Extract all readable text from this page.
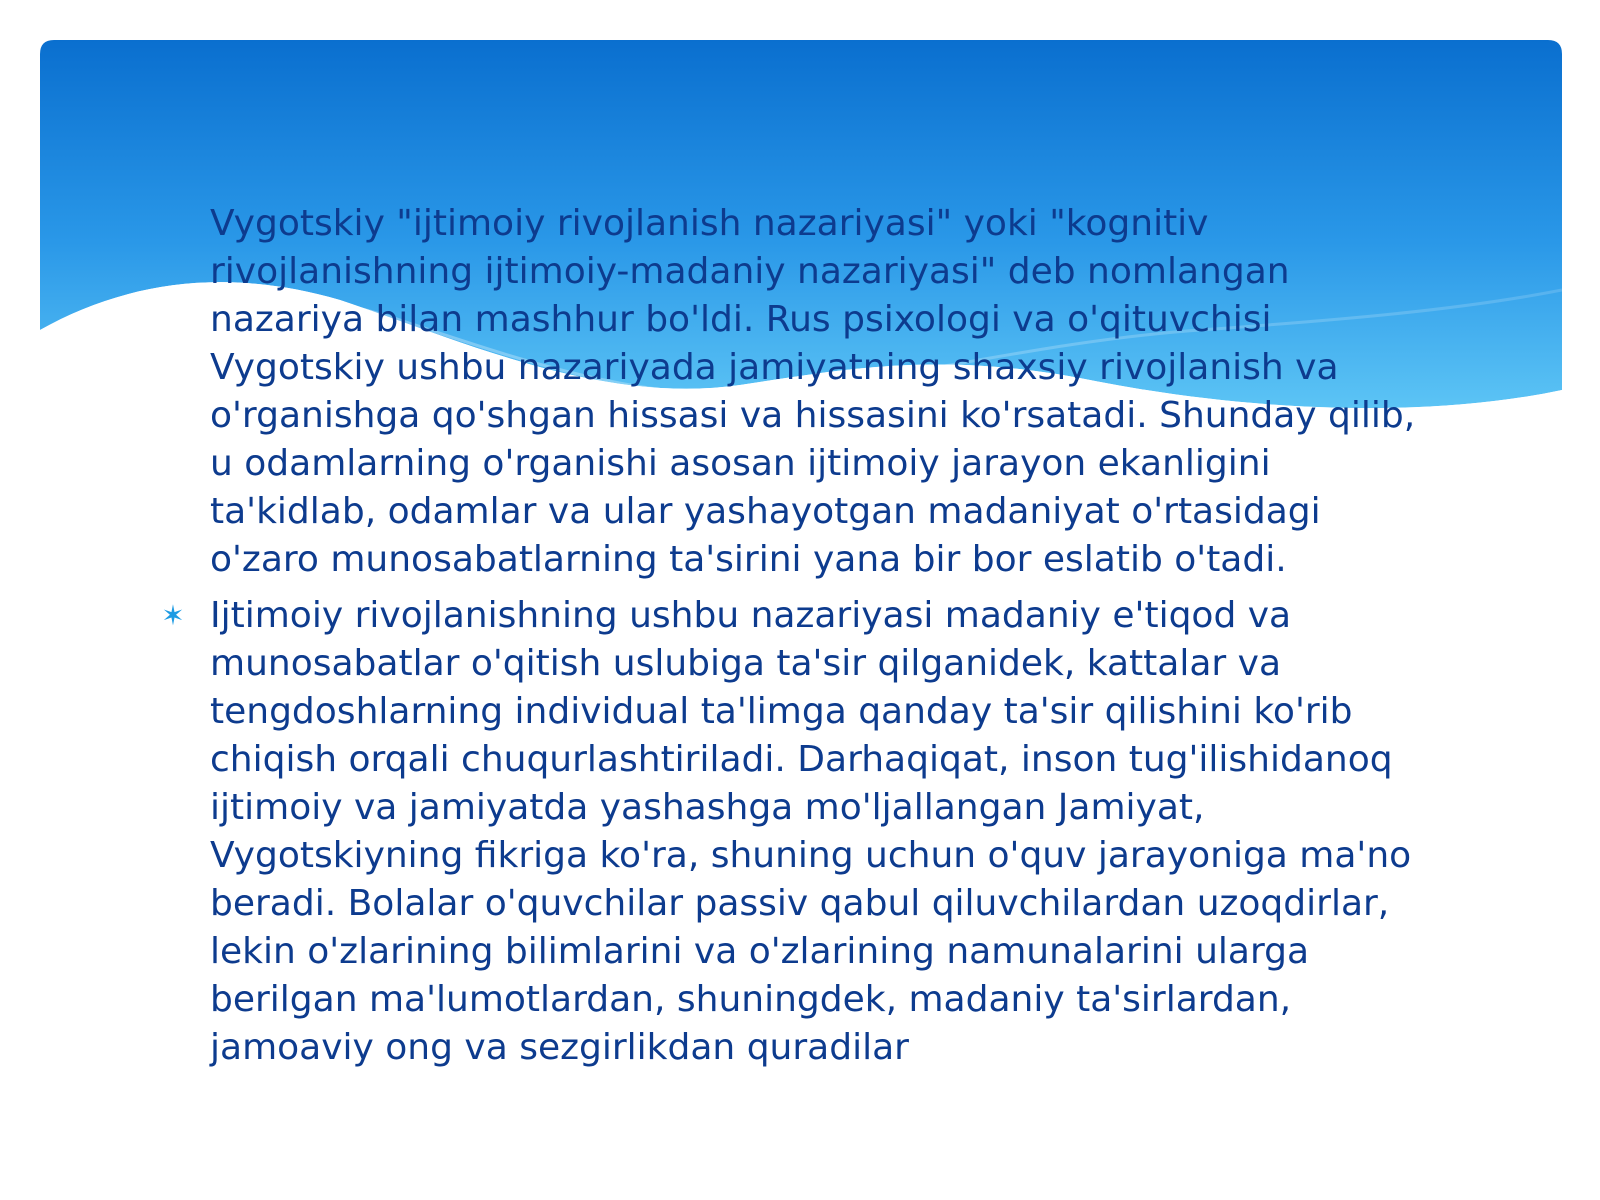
Vygotskiy "ijtimoiy rivojlanish nazariyasi" yoki "kognitiv rivojlanishning ijtimoiy-madaniy nazariyasi" deb nomlangan nazariya bilan mashhur bo'ldi. Rus psixologi va o'qituvchisi Vygotskiy ushbu nazariyada jamiyatning shaxsiy rivojlanish va o'rganishga qo'shgan hissasi va hissasini ko'rsatadi. Shunday qilib, u odamlarning o'rganishi asosan ijtimoiy jarayon ekanligini ta'kidlab, odamlar va ular yashayotgan madaniyat o'rtasidagi o'zaro munosabatlarning ta'sirini yana bir bor eslatib o'tadi.

✶ Ijtimoiy rivojlanishning ushbu nazariyasi madaniy e'tiqod va munosabatlar o'qitish uslubiga ta'sir qilganidek, kattalar va tengdoshlarning individual ta'limga qanday ta'sir qilishini ko'rib chiqish orqali chuqurlashtiriladi. Darhaqiqat, inson tug'ilishidanoq ijtimoiy va jamiyatda yashashga mo'ljallangan Jamiyat, Vygotskiyning fikriga ko'ra, shuning uchun o'quv jarayoniga ma'no beradi. Bolalar o'quvchilar passiv qabul qiluvchilardan uzoqdirlar, lekin o'zlarining bilimlarini va o'zlarining namunalarini ularga berilgan ma'lumotlardan, shuningdek, madaniy ta'sirlardan, jamoaviy ong va sezgirlikdan quradilar
